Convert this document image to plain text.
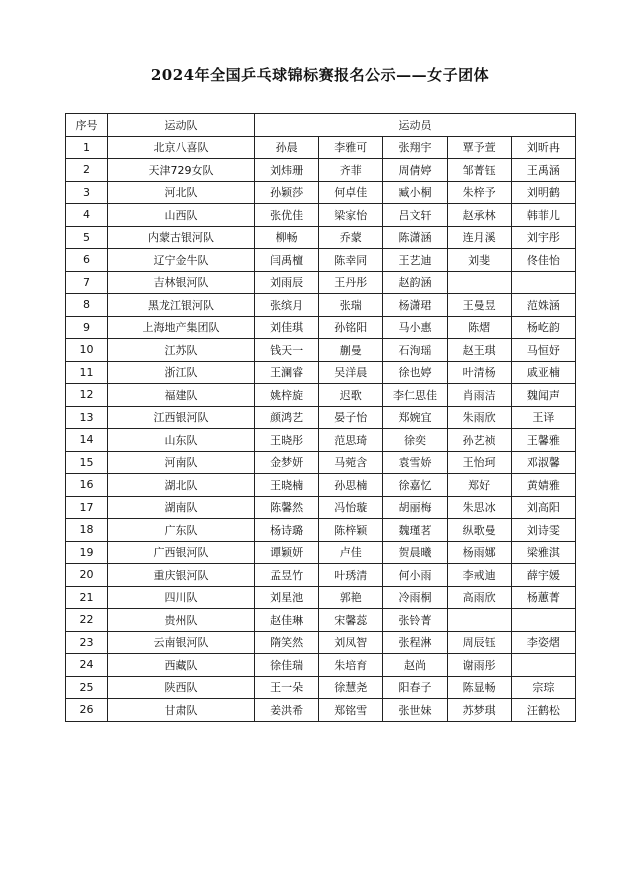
2024年全国乒乓球锦标赛报名公示——女子团体
序号	运动队	运动员				
1	北京八喜队	孙晨	李雅可	张翔宇	覃予萱	刘昕冉
2	天津729女队	刘炜珊	齐菲	周倩婷	邹菁钰	王禹涵
3	河北队	孙颖莎	何卓佳	臧小桐	朱梓予	刘明鹤
4	山西队	张优佳	梁家怡	吕文轩	赵承林	韩菲儿
5	内蒙古银河队	柳畅	乔蒙	陈潇涵	连月溪	刘宇彤
6	辽宁金牛队	闫禹檀	陈幸同	王艺迪	刘斐	佟佳怡
7	吉林银河队	刘雨辰	王丹彤	赵韵涵		
8	黑龙江银河队	张缤月	张瑞	杨潇珺	王曼昱	范姝涵
9	上海地产集团队	刘佳琪	孙铭阳	马小惠	陈熠	杨屹韵
10	江苏队	钱天一	蒯曼	石洵瑶	赵王琪	马恒妤
11	浙江队	王澜睿	吴洋晨	徐也婷	叶清杨	戚亚楠
12	福建队	姚梓旋	迟歌	李仁思佳	肖雨洁	魏闻声
13	江西银河队	颜鸿艺	晏子怡	郑婉宜	朱雨欣	王译
14	山东队	王晓彤	范思琦	徐奕	孙艺祯	王馨雅
15	河南队	金梦妍	马菀含	袁雪娇	王怡珂	邓淑馨
16	湖北队	王晓楠	孙思楠	徐嘉忆	郑好	黄婧雅
17	湖南队	陈馨然	冯怡璇	胡丽梅	朱思冰	刘高阳
18	广东队	杨诗璐	陈梓颖	魏瑾茗	纵歌曼	刘诗雯
19	广西银河队	谭颖妍	卢佳	贺晨曦	杨雨娜	梁雅淇
20	重庆银河队	孟昱竹	叶琇清	何小雨	李戒迪	薛宇媛
21	四川队	刘星池	郭艳	冷雨桐	高雨欣	杨蕙菁
22	贵州队	赵佳琳	宋馨蕊	张铃菁		
23	云南银河队	隋笑然	刘凤智	张程淋	周辰钰	李姿熠
24	西藏队	徐佳瑞	朱培育	赵尚	谢雨彤	
25	陕西队	王一朵	徐慧尧	阳春子	陈显畅	宗琮
26	甘肃队	姜洪希	郑铭雪	张世妹	苏梦琪	汪鹤松
